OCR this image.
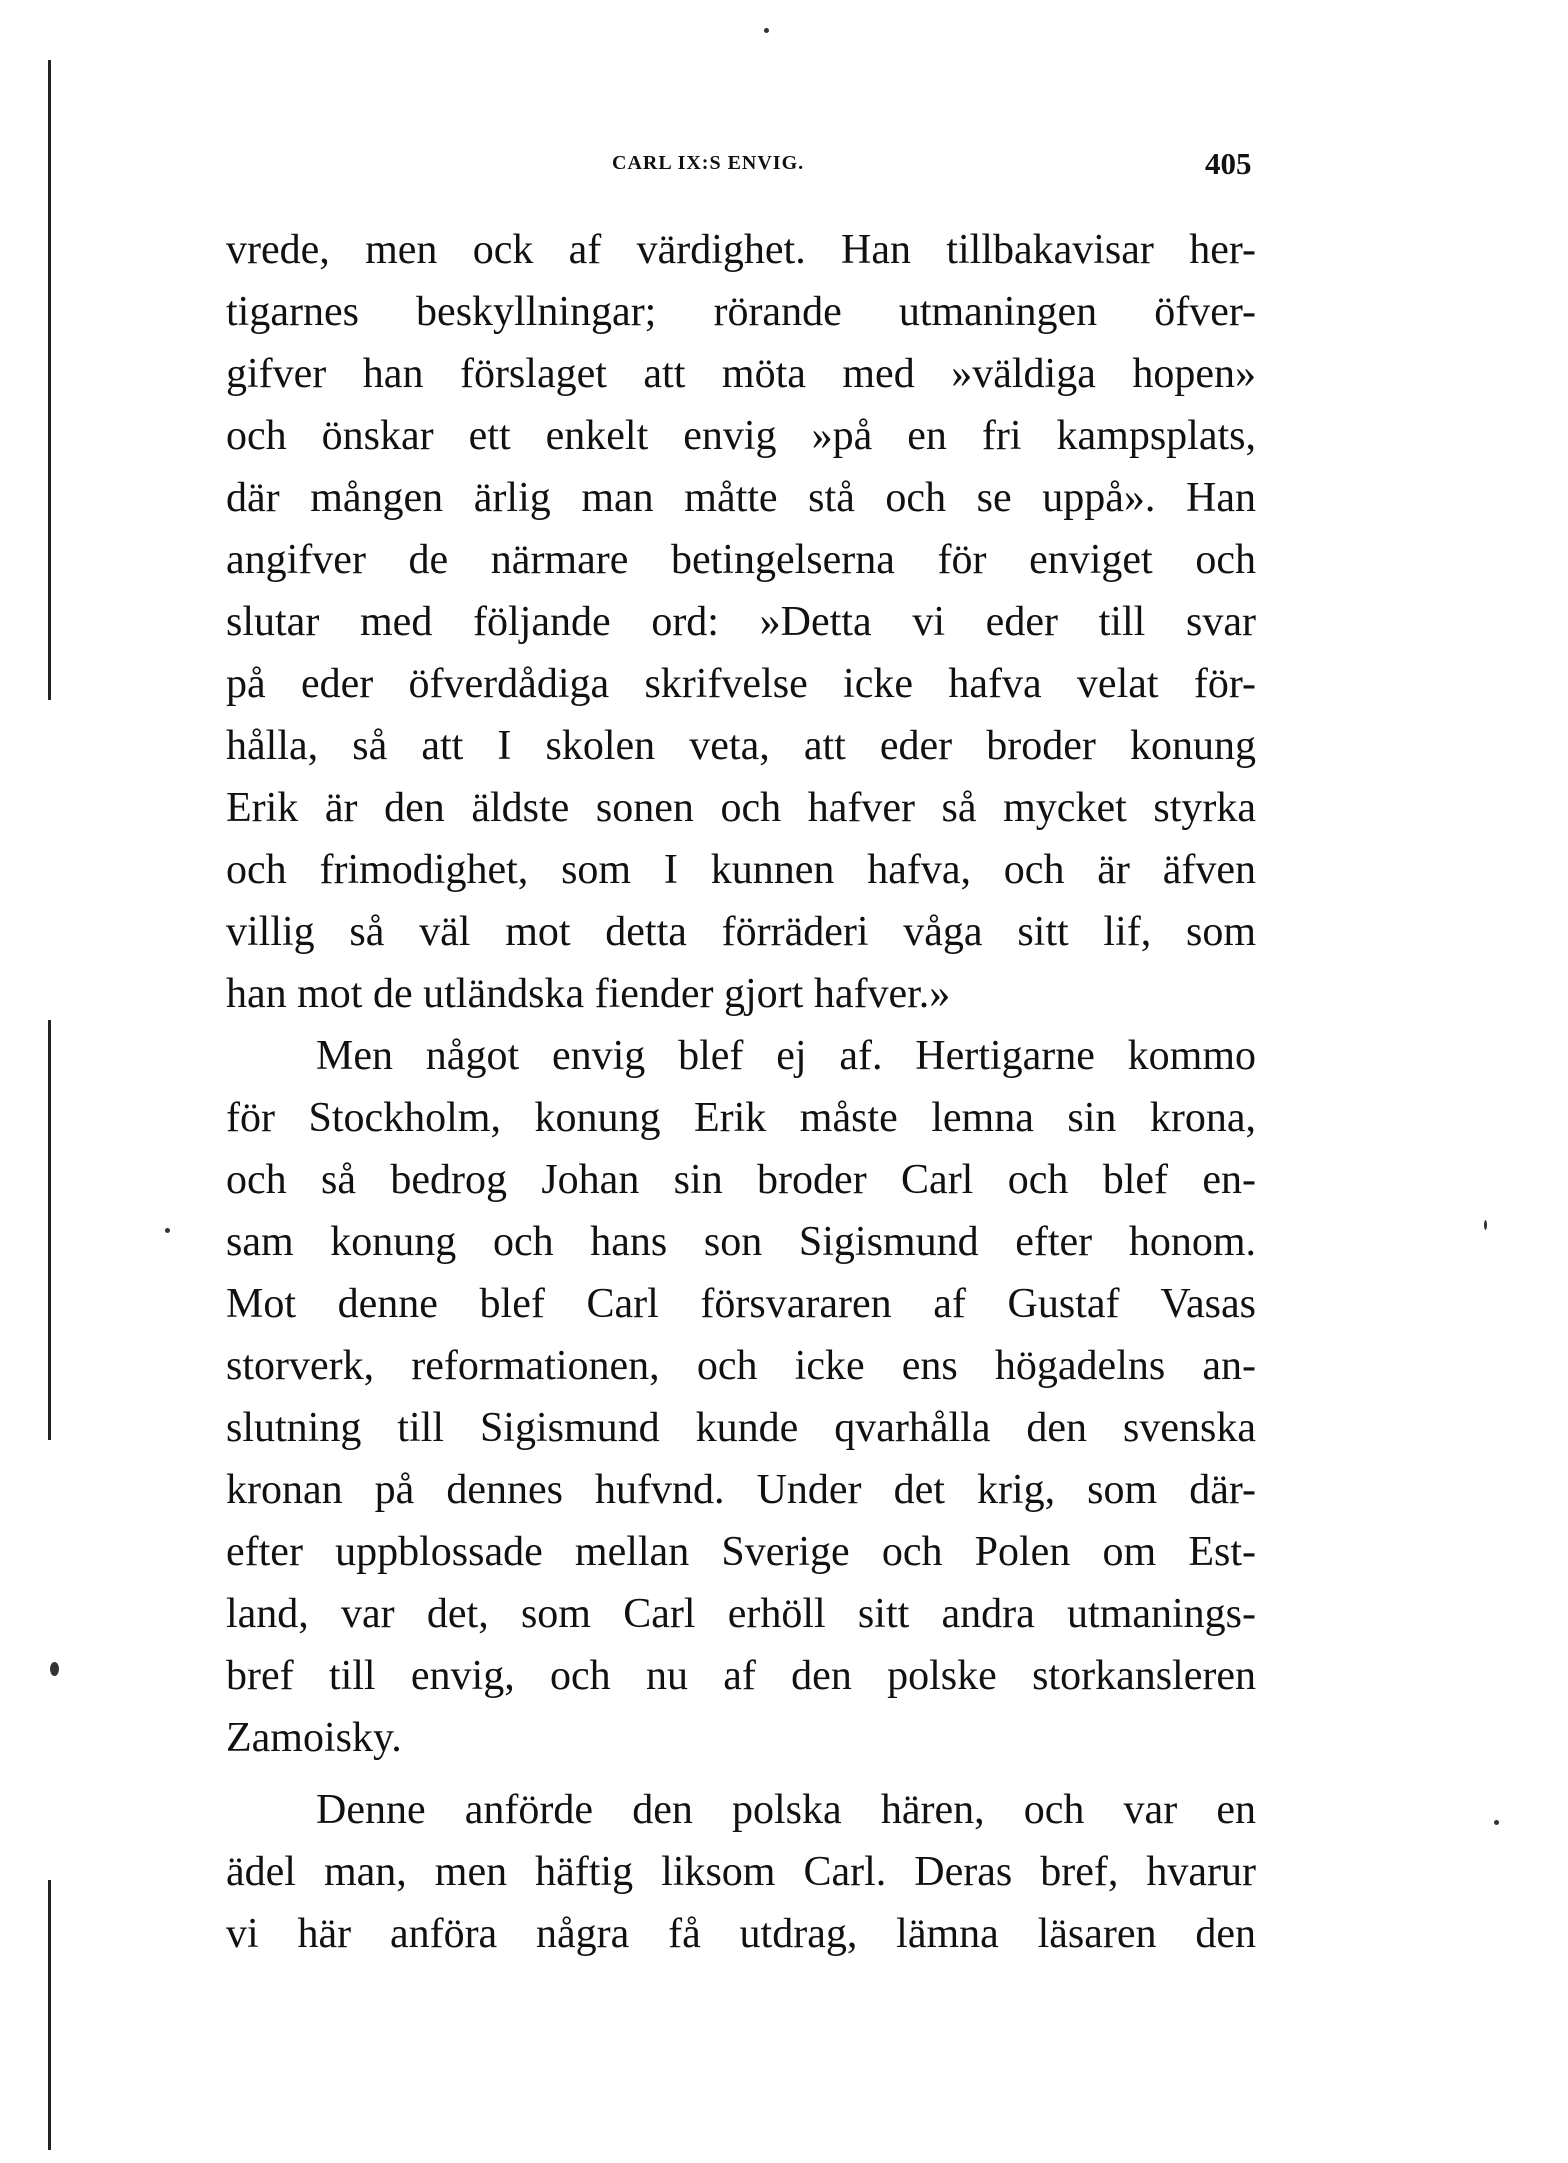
CARL IX:S ENVIG.	405

vrede, men ock af värdighet. Han tillbakavisar her-

tigarnes beskyllningar; rörande utmaningen öfver-

gifver han förslaget att möta med »väldiga hopen»

och önskar ett enkelt envig »på en fri kampsplats,

där mången ärlig man måtte stå och se uppå». Han

angifver de närmare betingelserna för enviget och

slutar med följande ord: »Detta vi eder till svar

på eder öfverdådiga skrifvelse icke hafva velat för-

hålla, så att I skolen veta, att eder broder konung

Erik är den äldste sonen och hafver så mycket styrka

och frimodighet, som I kunnen hafva, och är äfven

villig så väl mot detta förräderi våga sitt lif, som

han mot de utländska fiender gjort hafver.»

Men något envig blef ej af. Hertigarne kommo

för Stockholm, konung Erik måste lemna sin krona,

och så bedrog Johan sin broder Carl och blef en-

sam konung och hans son Sigismund efter honom.

Mot denne blef Carl försvararen af Gustaf Vasas

storverk, reformationen, och icke ens högadelns an-

slutning till Sigismund kunde qvarhålla den svenska

kronan på dennes hufvnd. Under det krig, som där-

efter uppblossade mellan Sverige och Polen om Est-

land, var det, som Carl erhöll sitt andra utmanings-

bref till envig, och nu af den polske storkansleren

Zamoisky.

Denne anförde den polska hären, och var en

ädel man, men häftig liksom Carl. Deras bref, hvarur

vi här anföra några få utdrag, lämna läsaren den
